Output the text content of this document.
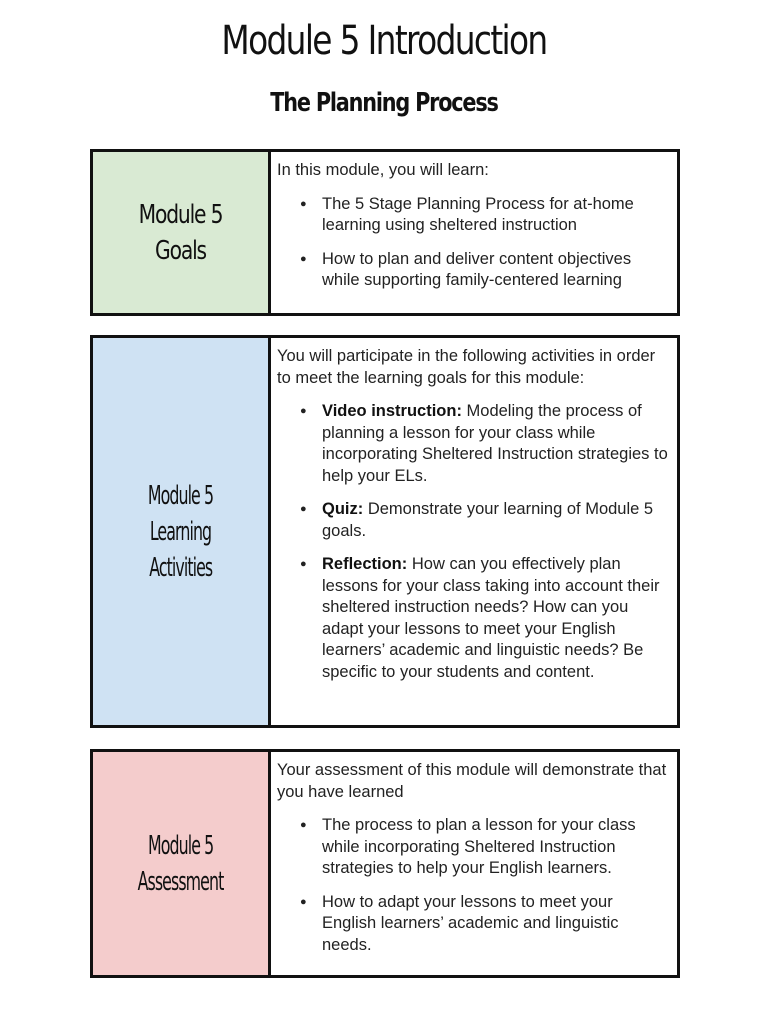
Module 5 Introduction
The Planning Process
Module 5 Goals

In this module, you will learn:

● The 5 Stage Planning Process for at-home learning using sheltered instruction
● How to plan and deliver content objectives while supporting family-centered learning
Module 5 Learning
Activities

You will participate in the following activities in order to meet the learning goals for this module:

● Video instruction: Modeling the process of planning a lesson for your class while incorporating Sheltered Instruction strategies to help your ELs.
● Quiz: Demonstrate your learning of Module 5 goals.
● Reflection: How can you effectively plan lessons for your class taking into account their sheltered instruction needs? How can you adapt your lessons to meet your English learners’ academic and linguistic needs? Be specific to your students and content.
Module 5
Assessment

Your assessment of this module will demonstrate that you have learned

● The process to plan a lesson for your class while incorporating Sheltered Instruction strategies to help your English learners.
● How to adapt your lessons to meet your English learners’ academic and linguistic needs.
